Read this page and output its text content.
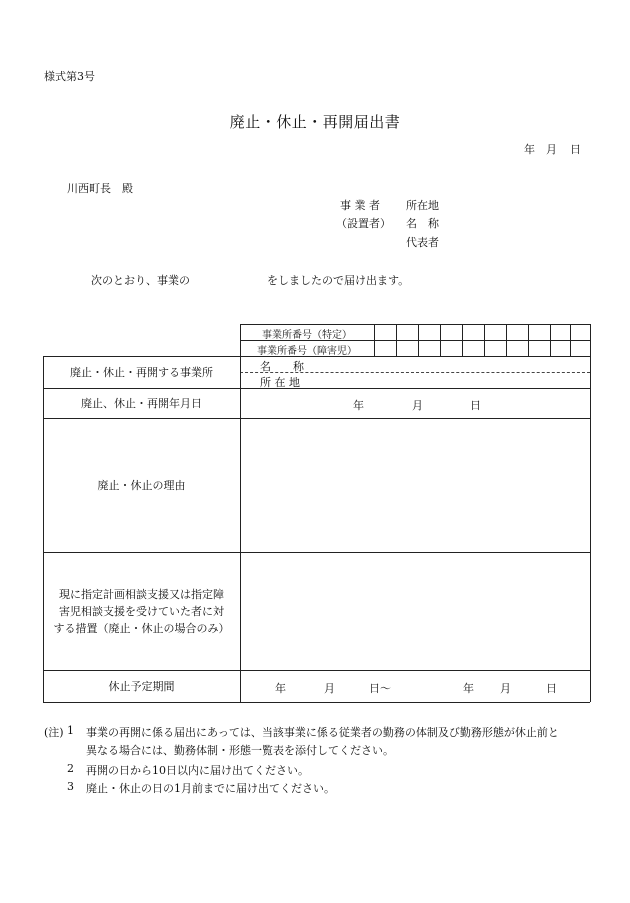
様式第3号
廃止・休止・再開届出書
年 月 日
川西町長　殿
事 業 者
（設置者）
所在地
名　称
代表者
次のとおり、事業の	をしましたので届け出ます。
事業所番号（特定）
事業所番号（障害児）
廃止・休止・再開する事業所	名　　称
所 在 地
廃止、休止・再開年月日	年	月	日
廃止・休止の理由
現に指定計画相談支援又は指定障
害児相談支援を受けていた者に対
する措置（廃止・休止の場合のみ）
休止予定期間	年	月	日～	年 月	日
(注) 1 事業の再開に係る届出にあっては、当該事業に係る従業者の勤務の体制及び勤務形態が休止前と
異なる場合には、勤務体制・形態一覧表を添付してください。
2 再開の日から10日以内に届け出てください。
3 廃止・休止の日の1月前までに届け出てください。
